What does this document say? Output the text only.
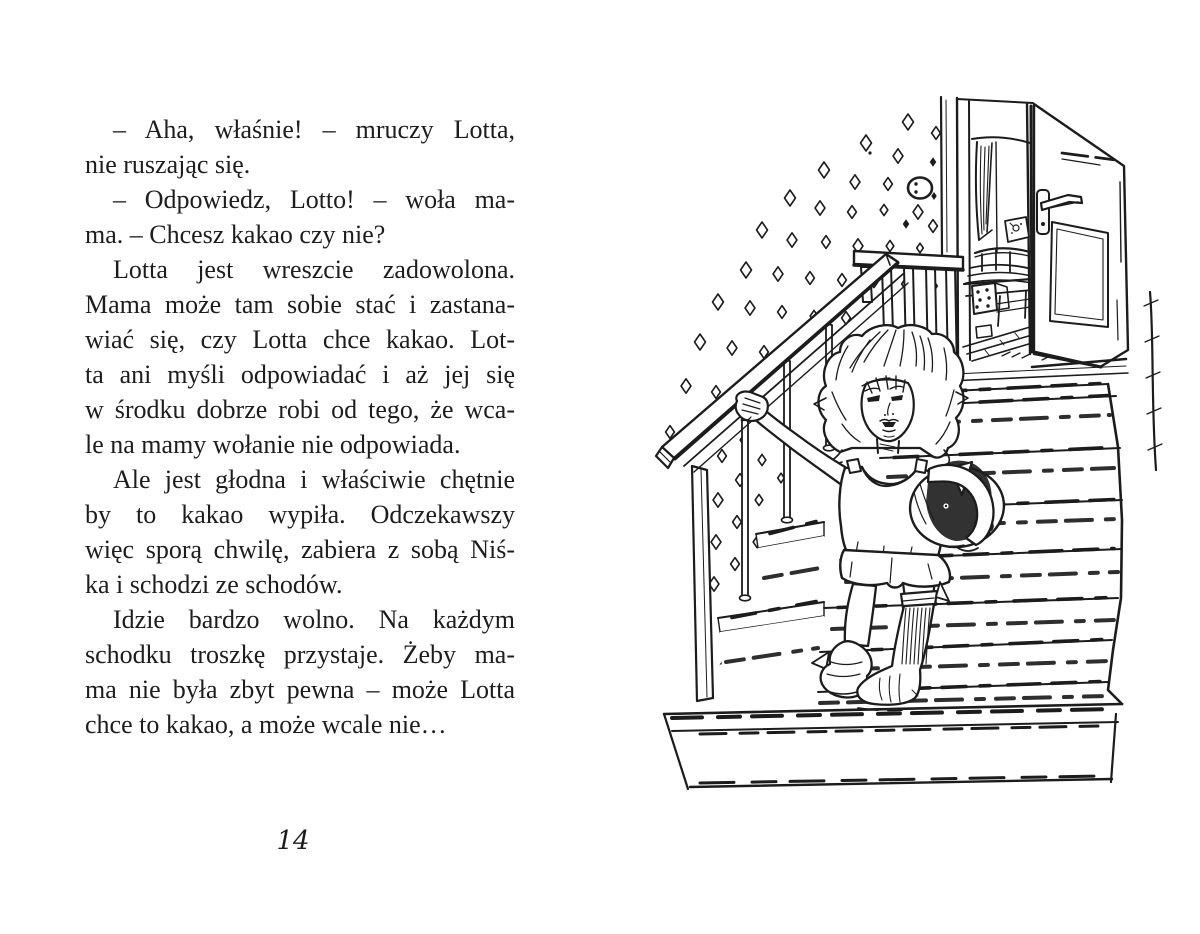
– Aha, właśnie! – mruczy Lotta,
nie ruszając się.
– Odpowiedz, Lotto! – woła ma-
ma. – Chcesz kakao czy nie?
Lotta jest wreszcie zadowolona.
Mama może tam sobie stać i zastana-
wiać się, czy Lotta chce kakao. Lot-
ta ani myśli odpowiadać i aż jej się
w środku dobrze robi od tego, że wca-
le na mamy wołanie nie odpowiada.
Ale jest głodna i właściwie chętnie
by to kakao wypiła. Odczekawszy
więc sporą chwilę, zabiera z sobą Niś-
ka i schodzi ze schodów.
Idzie bardzo wolno. Na każdym
schodku troszkę przystaje. Żeby ma-
ma nie była zbyt pewna – może Lotta
chce to kakao, a może wcale nie…
14
